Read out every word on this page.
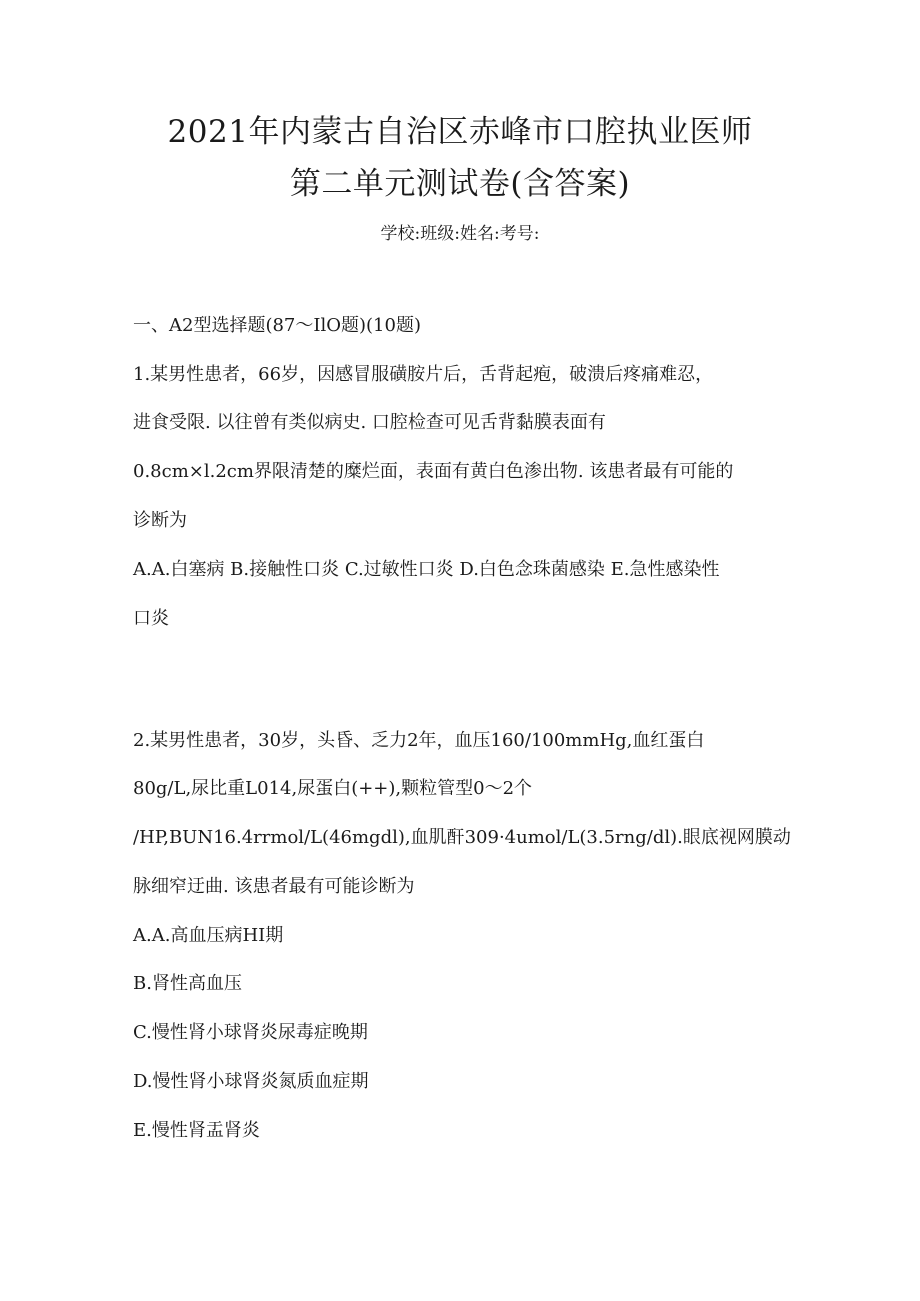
2021年内蒙古自治区赤峰市口腔执业医师
第二单元测试卷(含答案)
学校:班级:姓名:考号:
一、A2型选择题(87～IlO题)(10题)
1.某男性患者，66岁，因感冒服磺胺片后，舌背起疱，破溃后疼痛难忍，
进食受限. 以往曾有类似病史. 口腔检查可见舌背黏膜表面有
0.8cm×l.2cm界限清楚的糜烂面，表面有黄白色渗出物. 该患者最有可能的
诊断为
A.A.白塞病 B.接触性口炎 C.过敏性口炎 D.白色念珠菌感染 E.急性感染性
口炎
2.某男性患者，30岁，头昏、乏力2年，血压160/100mmHg,血红蛋白
80g/L,尿比重L014,尿蛋白(++),颗粒管型0～2个
/HP,BUN16.4rrmol/L(46mgdl),血肌酐309·4umol/L(3.5rng/dl).眼底视网膜动
脉细窄迂曲. 该患者最有可能诊断为
A.A.高血压病HI期
B.肾性高血压
C.慢性肾小球肾炎尿毒症晚期
D.慢性肾小球肾炎氮质血症期
E.慢性肾盂肾炎
